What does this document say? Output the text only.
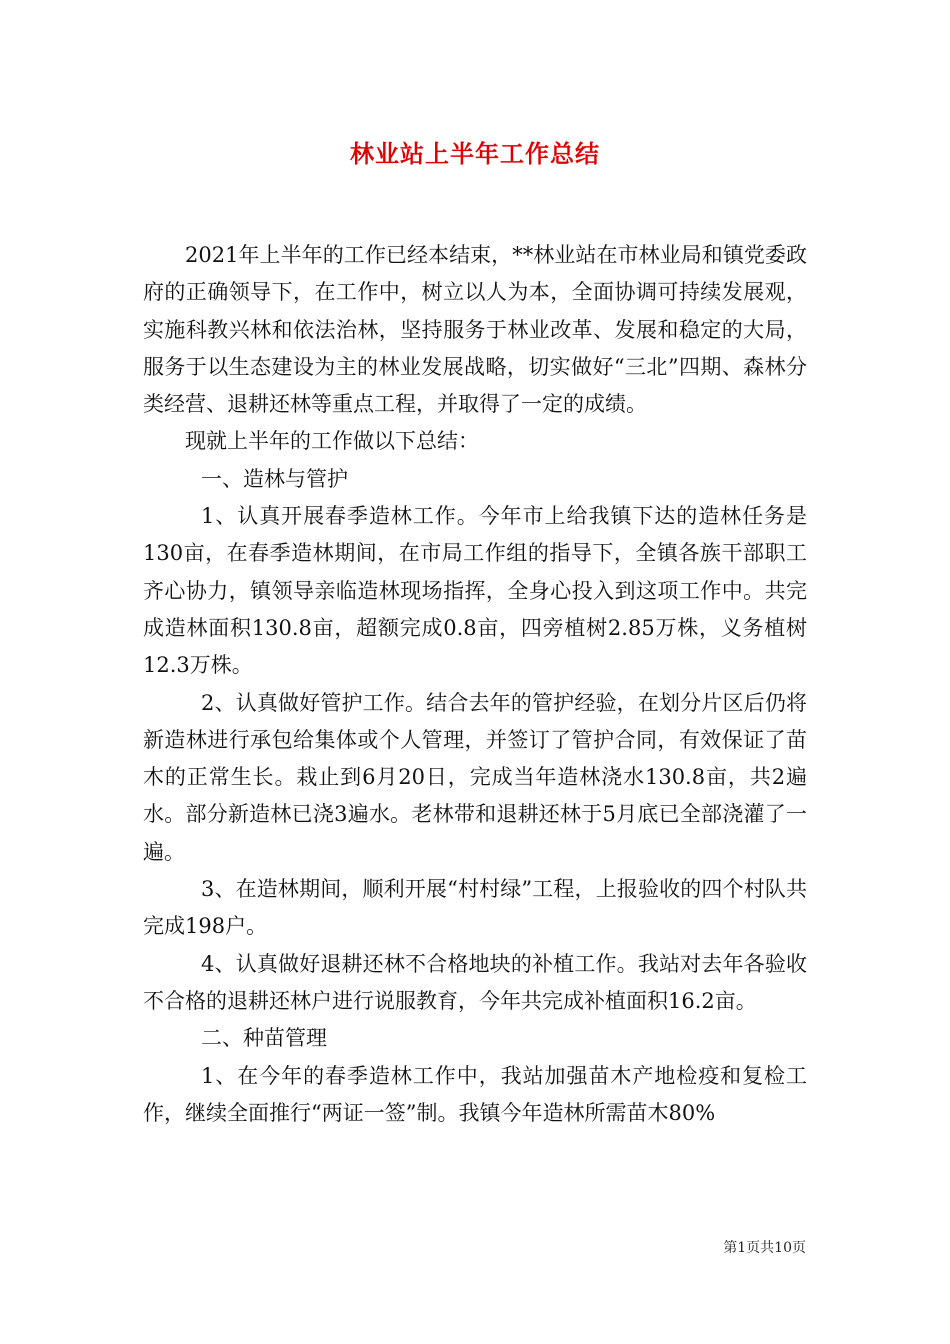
林业站上半年工作总结

2021年上半年的工作已经本结束，**林业站在市林业局和镇党委政府的正确领导下，在工作中，树立以人为本，全面协调可持续发展观，实施科教兴林和依法治林，坚持服务于林业改革、发展和稳定的大局，服务于以生态建设为主的林业发展战略，切实做好“三北”四期、森林分类经营、退耕还林等重点工程，并取得了一定的成绩。

现就上半年的工作做以下总结：

一、造林与管护

1、认真开展春季造林工作。今年市上给我镇下达的造林任务是130亩，在春季造林期间，在市局工作组的指导下，全镇各族干部职工齐心协力，镇领导亲临造林现场指挥，全身心投入到这项工作中。共完成造林面积130.8亩，超额完成0.8亩，四旁植树2.85万株，义务植树12.3万株。

2、认真做好管护工作。结合去年的管护经验，在划分片区后仍将新造林进行承包给集体或个人管理，并签订了管护合同，有效保证了苗木的正常生长。栽止到6月20日，完成当年造林浇水130.8亩，共2遍水。部分新造林已浇3遍水。老林带和退耕还林于5月底已全部浇灌了一遍。

3、在造林期间，顺利开展“村村绿”工程，上报验收的四个村队共完成198户。

4、认真做好退耕还林不合格地块的补植工作。我站对去年各验收不合格的退耕还林户进行说服教育，今年共完成补植面积16.2亩。

二、种苗管理

1、在今年的春季造林工作中，我站加强苗木产地检疫和复检工作，继续全面推行“两证一签”制。我镇今年造林所需苗木80%

第1页共10页
